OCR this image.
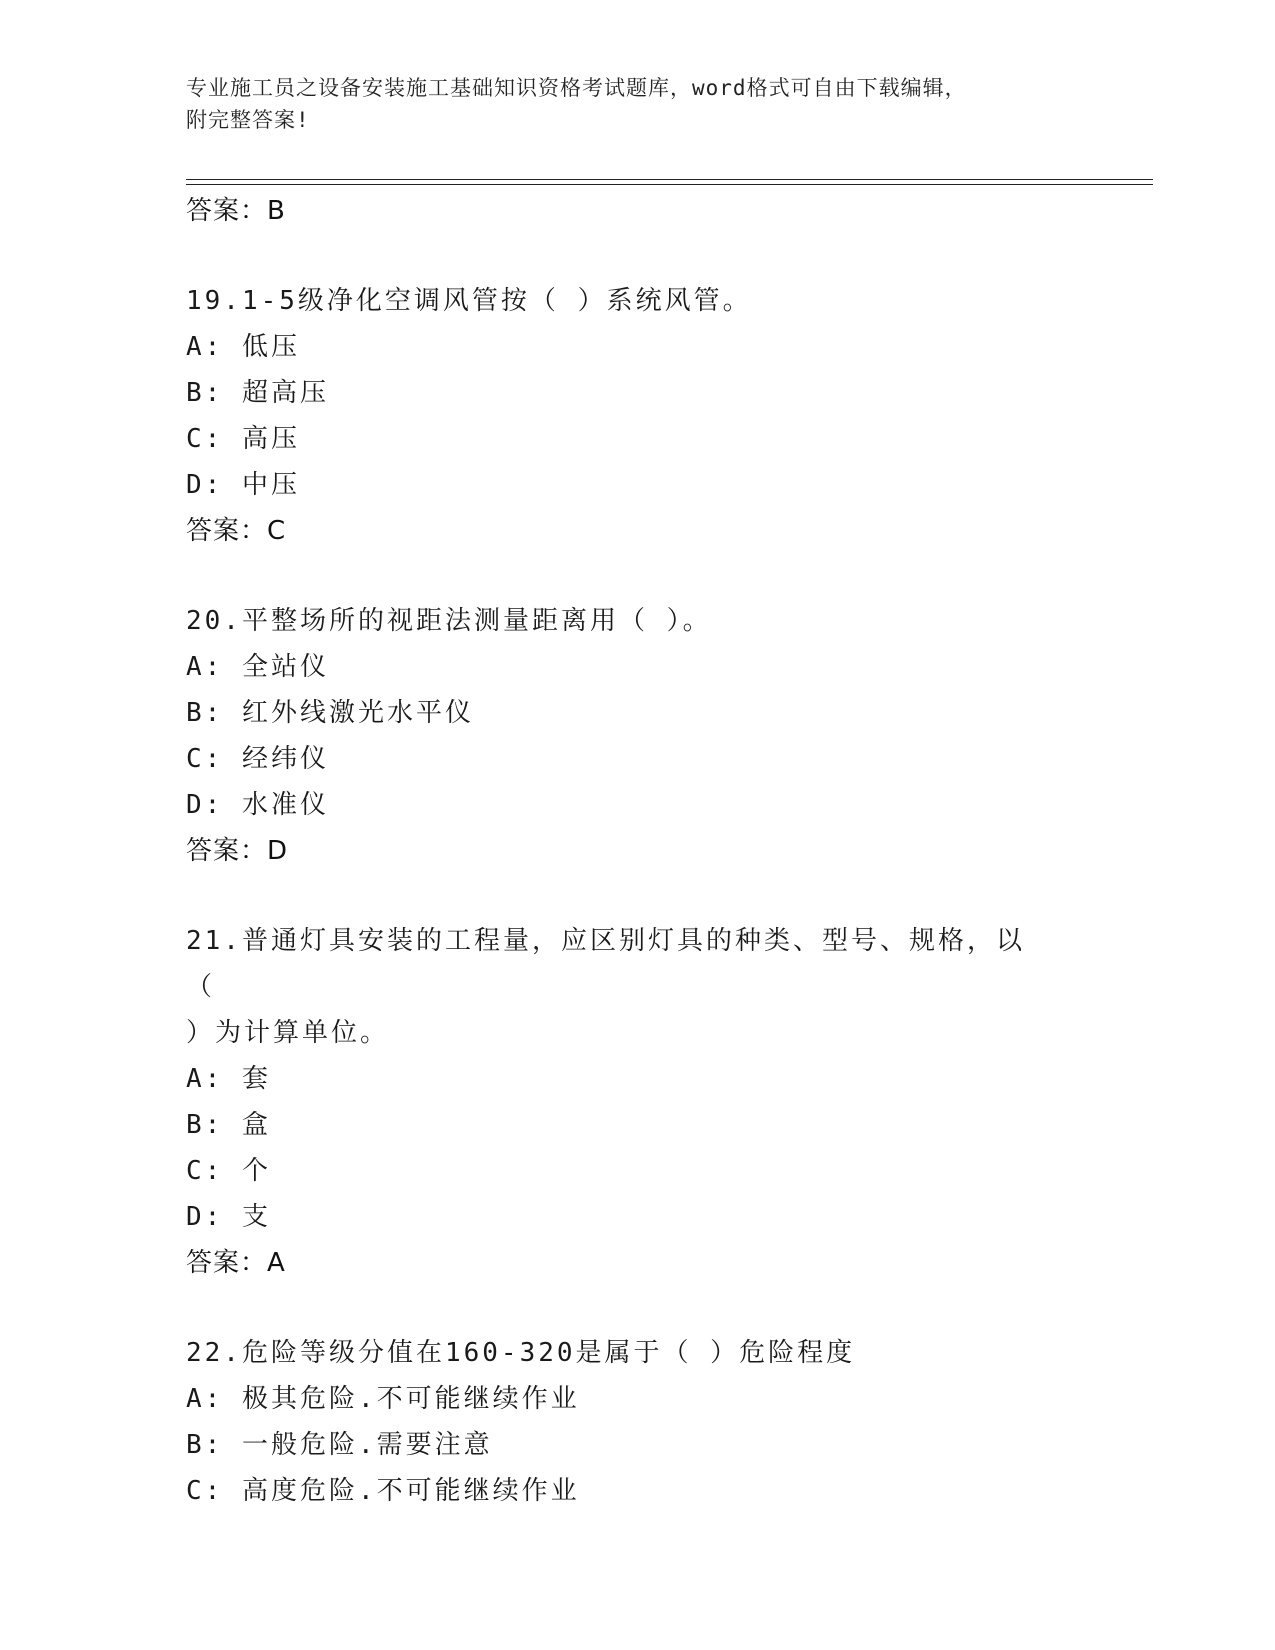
专业施工员之设备安装施工基础知识资格考试题库，word格式可自由下载编辑，
附完整答案!
答案：B
19.1-5级净化空调风管按（ ）系统风管。
A: 低压
B: 超高压
C: 高压
D: 中压
答案：C
20.平整场所的视距法测量距离用（ ）。
A: 全站仪
B: 红外线激光水平仪
C: 经纬仪
D: 水准仪
答案：D
21.普通灯具安装的工程量，应区别灯具的种类、型号、规格，以（
）为计算单位。
A: 套
B: 盒
C: 个
D: 支
答案：A
22.危险等级分值在160-320是属于（ ）危险程度
A: 极其危险.不可能继续作业
B: 一般危险.需要注意
C: 高度危险.不可能继续作业
